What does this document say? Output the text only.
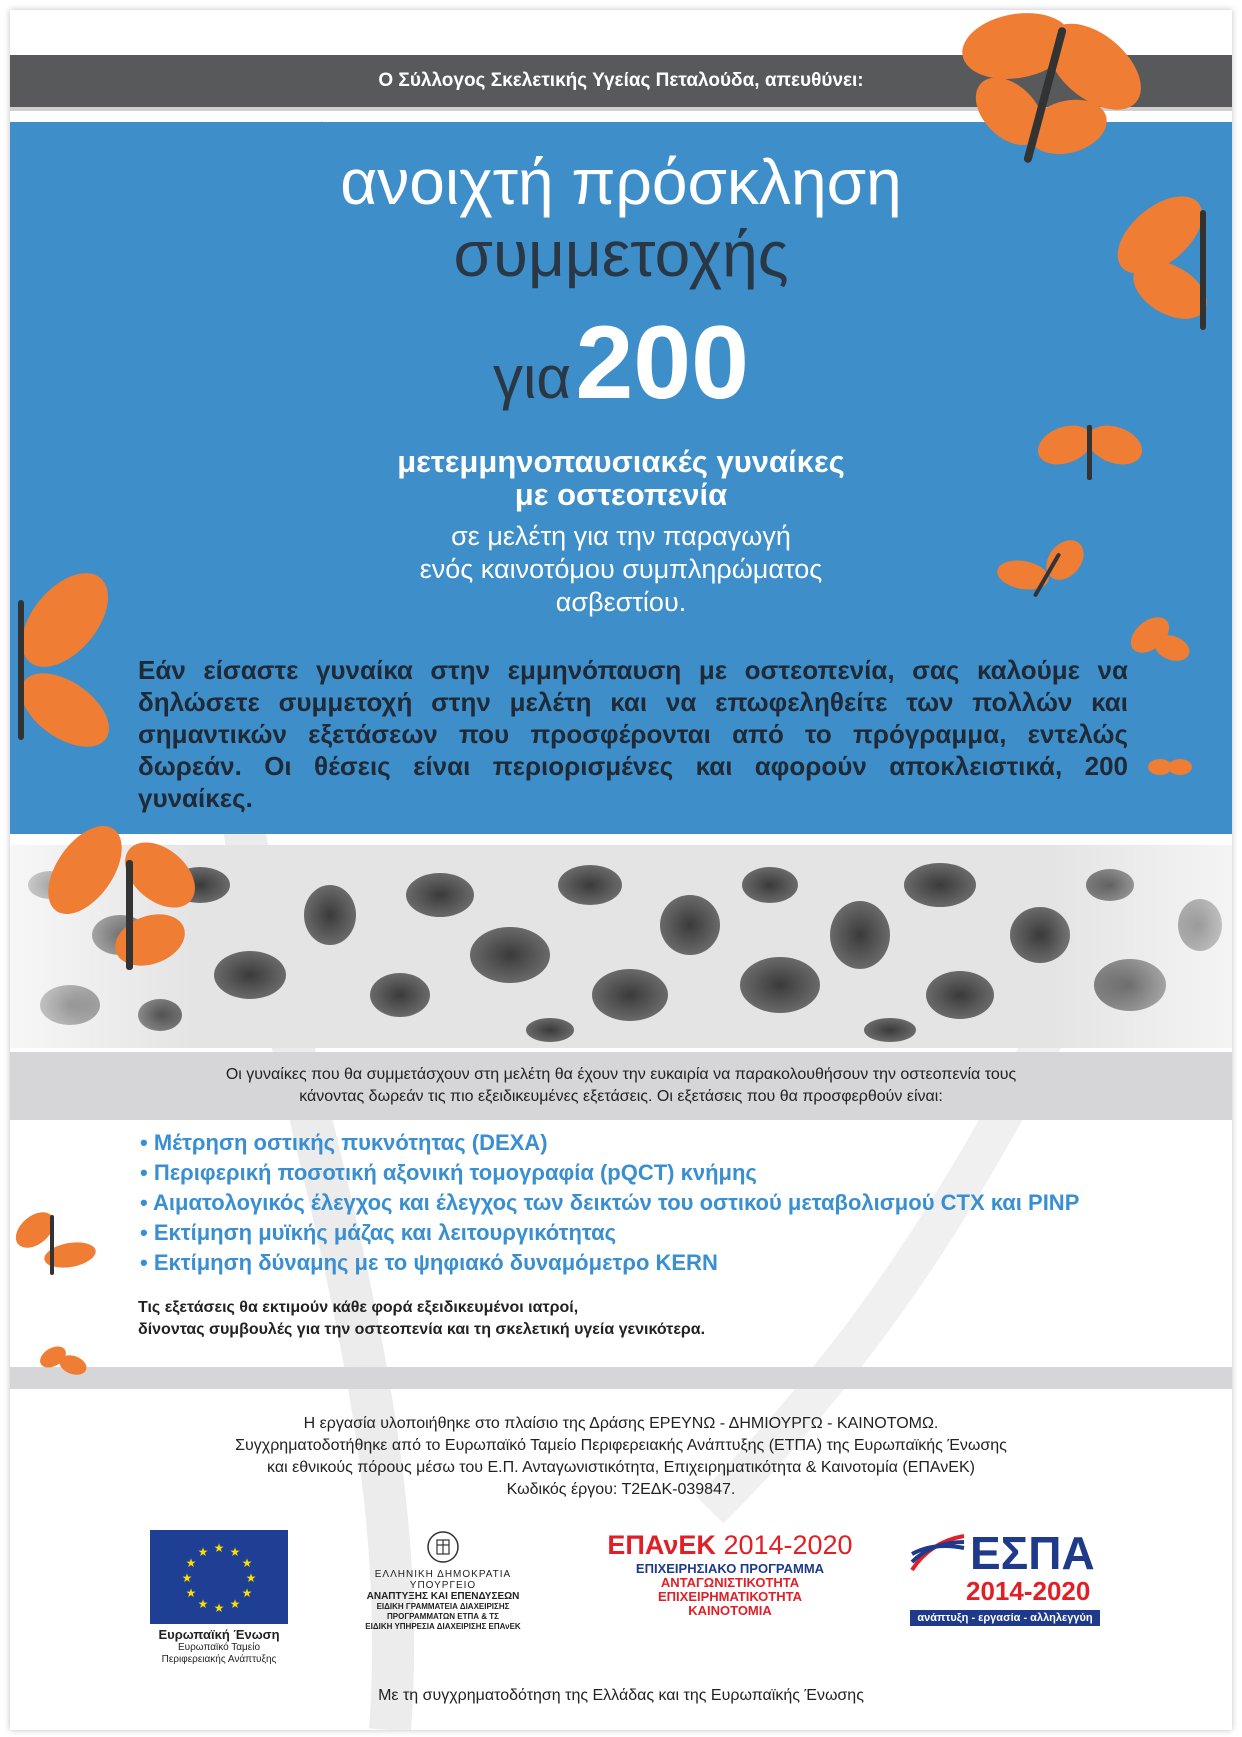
Ο Σύλλογος Σκελετικής Υγείας Πεταλούδα, απευθύνει:
ανοιχτή πρόσκληση
συμμετοχής
για 200
μετεμμηνοπαυσιακές γυναίκες
με οστεοπενία
σε μελέτη για την παραγωγή
ενός καινοτόμου συμπληρώματος
ασβεστίου.
Εάν είσαστε γυναίκα στην εμμηνόπαυση με οστεοπενία, σας καλούμε να δηλώσετε συμμετοχή στην μελέτη και να επωφεληθείτε των πολλών και σημαντικών εξετάσεων που προσφέρονται από το πρόγραμμα, εντελώς δωρεάν. Οι θέσεις είναι περιορισμένες και αφορούν αποκλειστικά, 200 γυναίκες.
Οι γυναίκες που θα συμμετάσχουν στη μελέτη θα έχουν την ευκαιρία να παρακολουθήσουν την οστεοπενία τους
κάνοντας δωρεάν τις πιο εξειδικευμένες εξετάσεις. Οι εξετάσεις που θα προσφερθούν είναι:
• Μέτρηση οστικής πυκνότητας (DEXA)
• Περιφερική ποσοτική αξονική τομογραφία (pQCT) κνήμης
• Αιματολογικός έλεγχος και έλεγχος των δεικτών του οστικού μεταβολισμού CTX και PINP
• Εκτίμηση μυϊκής μάζας και λειτουργικότητας
• Εκτίμηση δύναμης με το ψηφιακό δυναμόμετρο KERN
Τις εξετάσεις θα εκτιμούν κάθε φορά εξειδικευμένοι ιατροί,
δίνοντας συμβουλές για την οστεοπενία και τη σκελετική υγεία γενικότερα.
Η εργασία υλοποιήθηκε στο πλαίσιο της Δράσης ΕΡΕΥΝΩ - ΔΗΜΙΟΥΡΓΩ - ΚΑΙΝΟΤΟΜΩ.
Συγχρηματοδοτήθηκε από το Ευρωπαϊκό Ταμείο Περιφερειακής Ανάπτυξης (ΕΤΠΑ) της Ευρωπαϊκής Ένωσης
και εθνικούς πόρους μέσω του Ε.Π. Ανταγωνιστικότητα, Επιχειρηματικότητα & Καινοτομία (ΕΠΑνΕΚ)
Κωδικός έργου: Τ2ΕΔΚ-039847.
★ ★
★
★
★
★
★
★
★
★
★
★
Ευρωπαϊκή Ένωση
Ευρωπαϊκό Ταμείο
Περιφερειακής Ανάπτυξης
ΕΛΛΗΝΙΚΗ ΔΗΜΟΚΡΑΤΙΑ
ΥΠΟΥΡΓΕΙΟ
ΑΝΑΠΤΥΞΗΣ ΚΑΙ ΕΠΕΝΔΥΣΕΩΝ
ΕΙΔΙΚΗ ΓΡΑΜΜΑΤΕΙΑ ΔΙΑΧΕΙΡΙΣΗΣ
ΠΡΟΓΡΑΜΜΑΤΩΝ ΕΤΠΑ & ΤΣ
ΕΙΔΙΚΗ ΥΠΗΡΕΣΙΑ ΔΙΑΧΕΙΡΙΣΗΣ ΕΠΑνΕΚ
ΕΠΑνΕΚ 2014-2020
ΕΠΙΧΕΙΡΗΣΙΑΚΟ ΠΡΟΓΡΑΜΜΑ
ΑΝΤΑΓΩΝΙΣΤΙΚΟΤΗΤΑ
ΕΠΙΧΕΙΡΗΜΑΤΙΚΟΤΗΤΑ
ΚΑΙΝΟΤΟΜΙΑ
ΕΣΠΑ
2014-2020
ανάπτυξη - εργασία - αλληλεγγύη
Με τη συγχρηματοδότηση της Ελλάδας και της Ευρωπαϊκής Ένωσης
